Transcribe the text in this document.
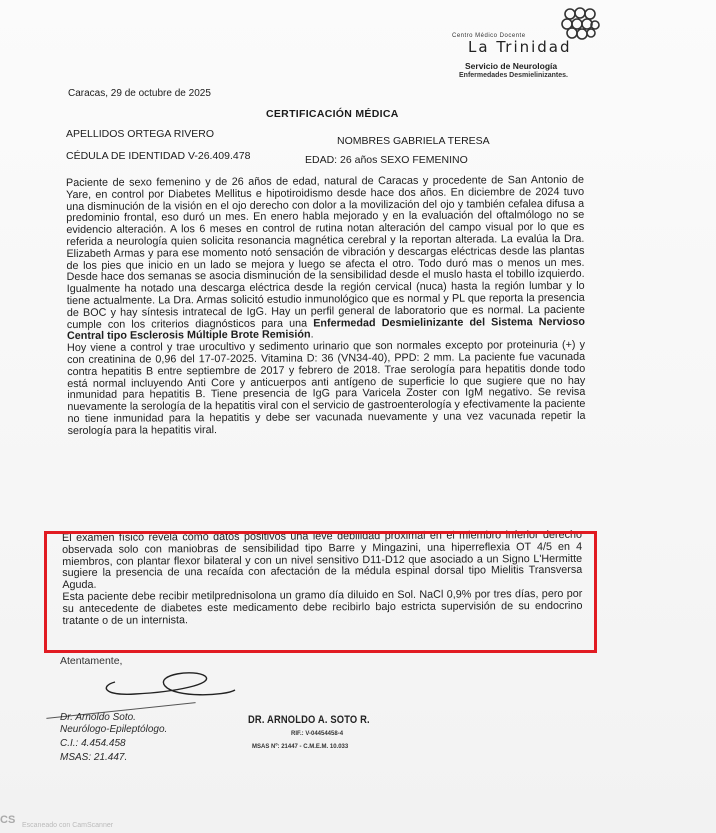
Centro Médico Docente
La Trinidad
Servicio de Neurología
Enfermedades Desmielinizantes.
Caracas, 29 de octubre de 2025
CERTIFICACIÓN MÉDICA
APELLIDOS ORTEGA RIVERO
NOMBRES GABRIELA TERESA
CÉDULA DE IDENTIDAD V-26.409.478	EDAD: 26 años SEXO FEMENINO

Paciente de sexo femenino y de 26 años de edad, natural de Caracas y procedente de San Antonio de Yare, en control por Diabetes Mellitus e hipotiroidismo desde hace dos años. En diciembre de 2024 tuvo una disminución de la visión en el ojo derecho con dolor a la movilización del ojo y también cefalea difusa a predominio frontal, eso duró un mes. En enero habla mejorado y en la evaluación del oftalmólogo no se evidencio alteración. A los 6 meses en control de rutina notan alteración del campo visual por lo que es referida a neurología quien solicita resonancia magnética cerebral y la reportan alterada. La evalúa la Dra. Elizabeth Armas y para ese momento notó sensación de vibración y descargas eléctricas desde las plantas de los pies que inicio en un lado se mejora y luego se afecta el otro. Todo duró mas o menos un mes. Desde hace dos semanas se asocia disminución de la sensibilidad desde el muslo hasta el tobillo izquierdo. Igualmente ha notado una descarga eléctrica desde la región cervical (nuca) hasta la región lumbar y lo tiene actualmente. La Dra. Armas solicitó estudio inmunológico que es normal y PL que reporta la presencia de BOC y hay síntesis intratecal de IgG. Hay un perfil general de laboratorio que es normal. La paciente cumple con los criterios diagnósticos para una Enfermedad Desmielinizante del Sistema Nervioso Central tipo Esclerosis Múltiple Brote Remisión.

Hoy viene a control y trae urocultivo y sedimento urinario que son normales excepto por proteinuria (+) y con creatinina de 0,96 del 17-07-2025. Vitamina D: 36 (VN34-40), PPD: 2 mm. La paciente fue vacunada contra hepatitis B entre septiembre de 2017 y febrero de 2018. Trae serología para hepatitis donde todo está normal incluyendo Anti Core y anticuerpos anti antígeno de superficie lo que sugiere que no hay inmunidad para hepatitis B. Tiene presencia de IgG para Varicela Zoster con IgM negativo. Se revisa nuevamente la serología de la hepatitis viral con el servicio de gastroenterología y efectivamente la paciente no tiene inmunidad para la hepatitis y debe ser vacunada nuevamente y una vez vacunada repetir la serología para la hepatitis viral.

El examen físico revela como datos positivos una leve debilidad proximal en el miembro inferior derecho observada solo con maniobras de sensibilidad tipo Barre y Mingazini, una hiperreflexia OT 4/5 en 4 miembros, con plantar flexor bilateral y con un nivel sensitivo D11-D12 que asociado a un Signo L'Hermitte sugiere la presencia de una recaída con afectación de la médula espinal dorsal tipo Mielitis Transversa Aguda.

Esta paciente debe recibir metilprednisolona un gramo día diluido en Sol. NaCl 0,9% por tres días, pero por su antecedente de diabetes este medicamento debe recibirlo bajo estricta supervisión de su endocrino tratante o de un internista.

Atentamente,
Dr. Arnoldo Soto.
Neurólogo-Epileptólogo.
C.I.: 4.454.458
MSAS: 21.447.
DR. ARNOLDO A. SOTO R.
RIF.: V-04454458-4
MSAS Nº: 21447 - C.M.E.M. 10.033
CS Escaneado con CamScanner
